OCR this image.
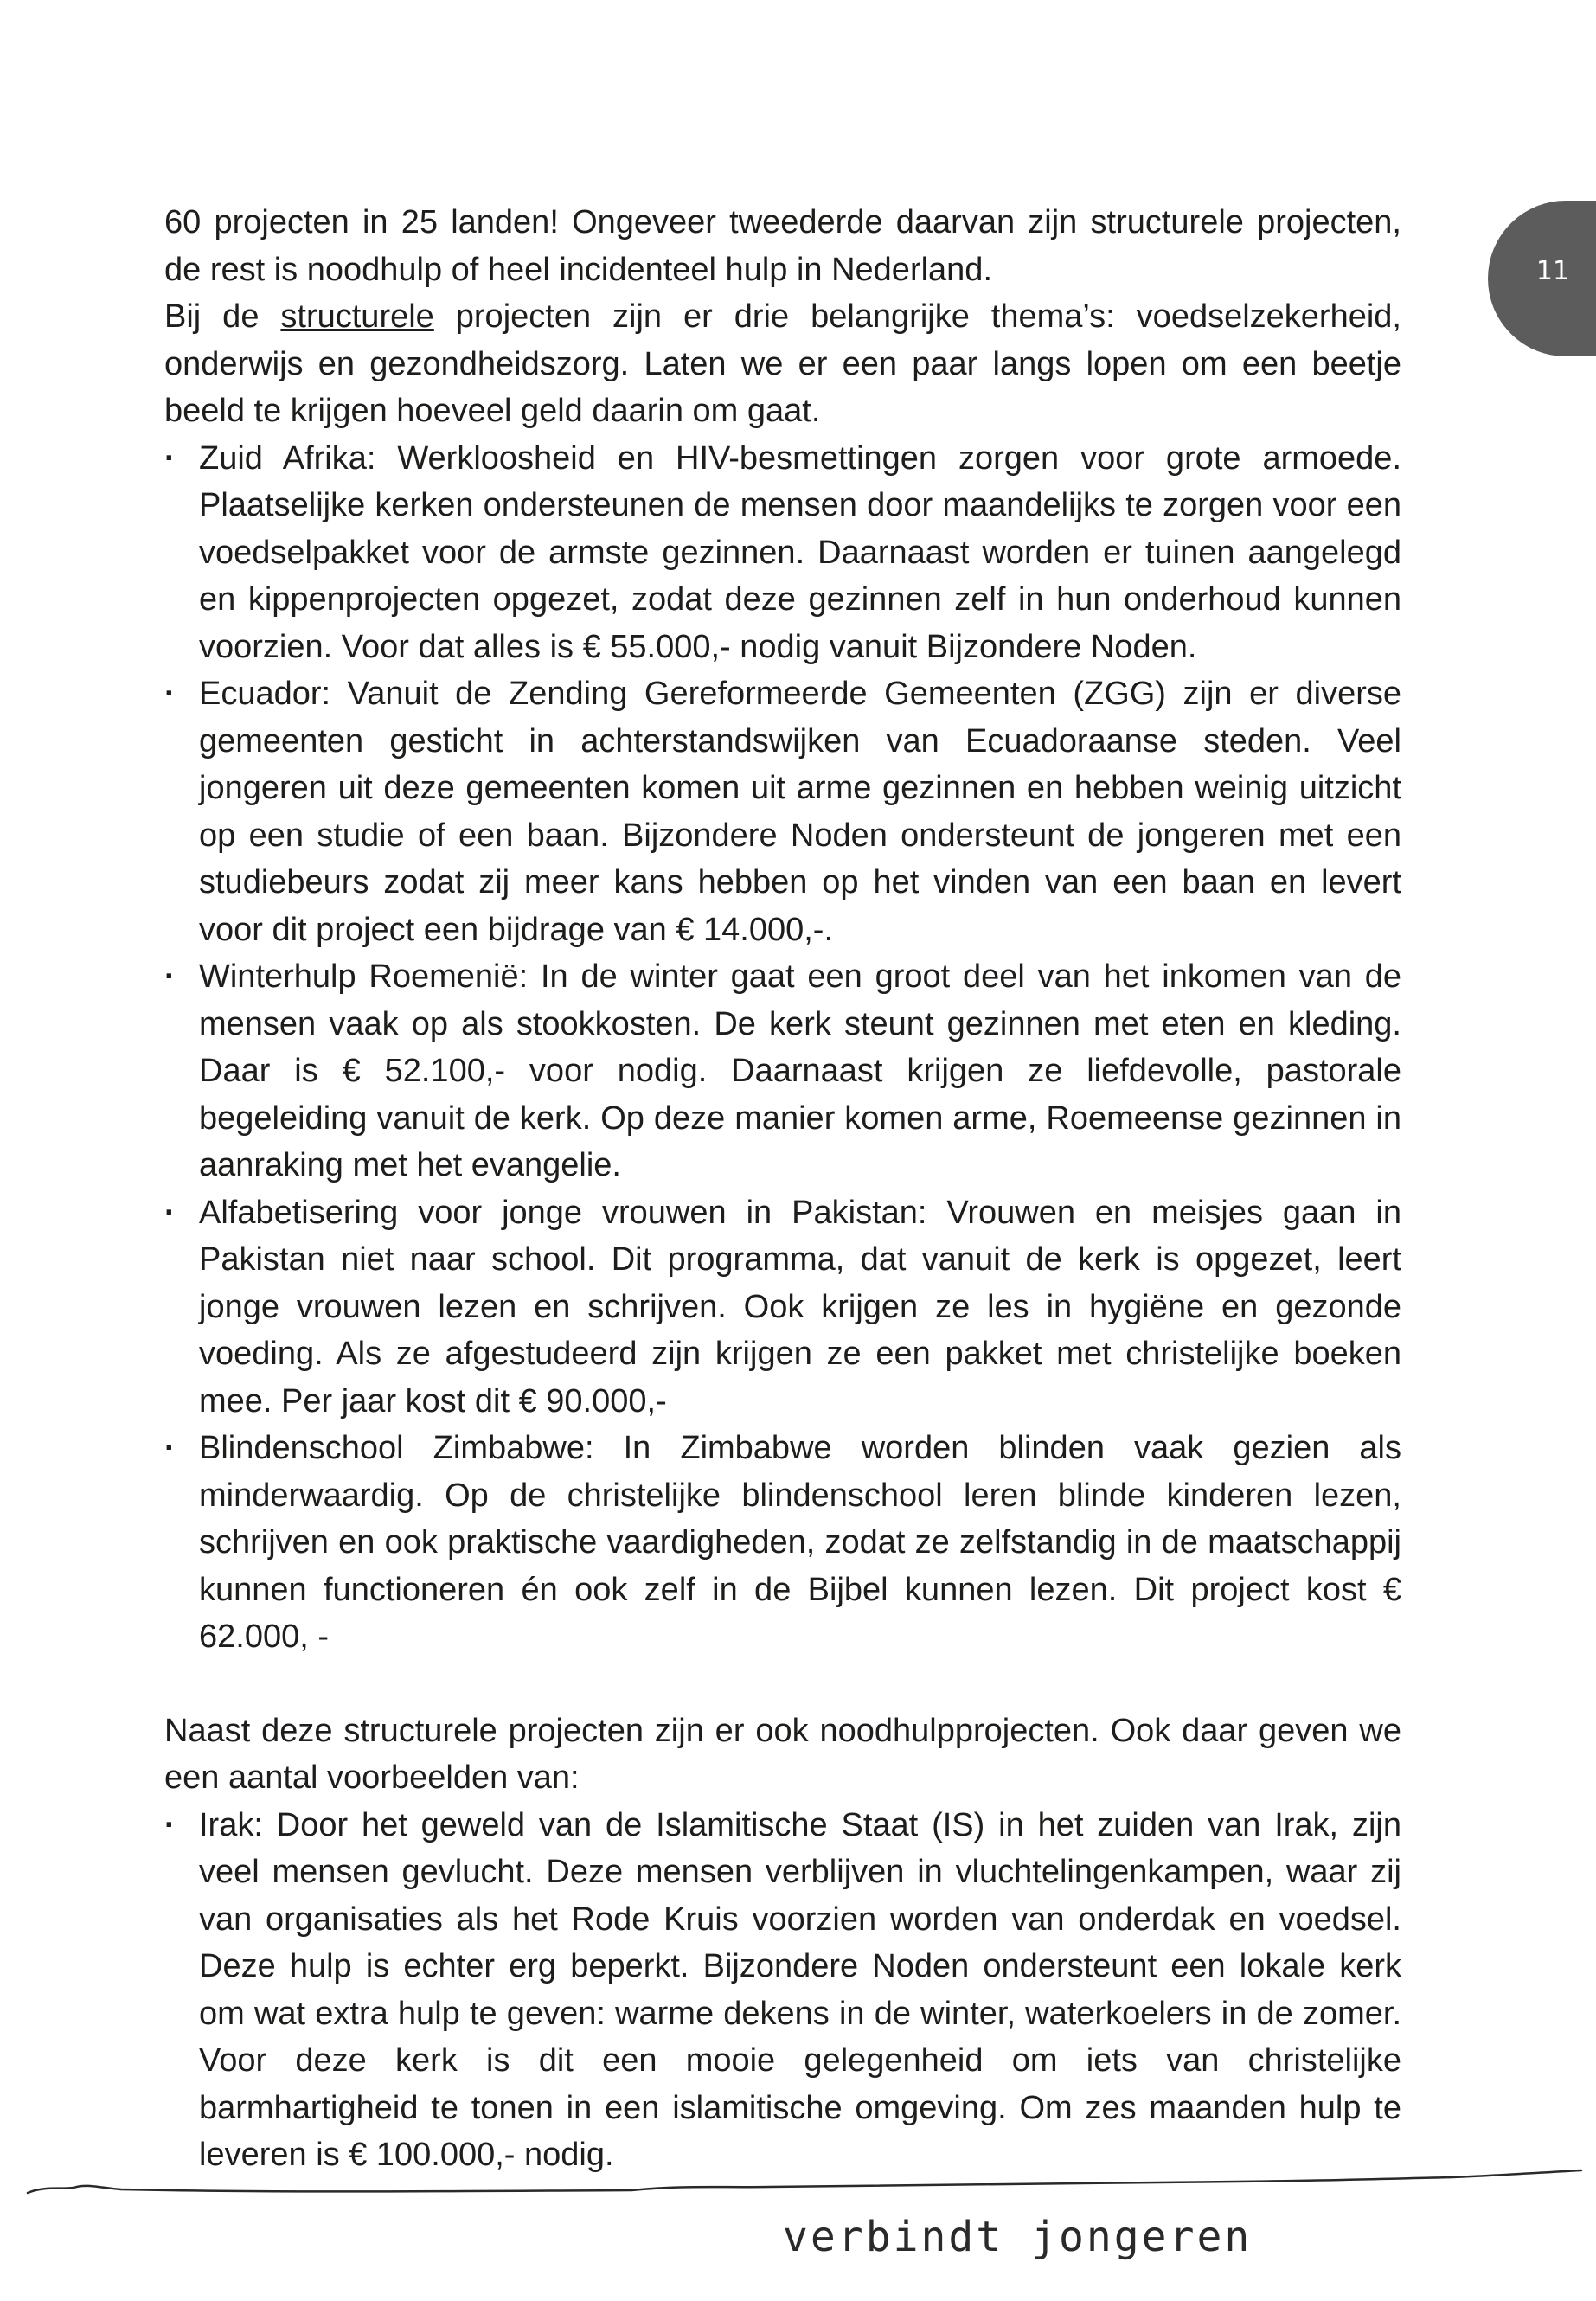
11

60 projecten in 25 landen! Ongeveer tweederde daarvan zijn structurele projecten, de rest is noodhulp of heel incidenteel hulp in Nederland.
Bij de structurele projecten zijn er drie belangrijke thema’s: voedselzekerheid, onderwijs en gezondheidszorg. Laten we er een paar langs lopen om een beetje beeld te krijgen hoeveel geld daarin om gaat.

· Zuid Afrika: Werkloosheid en HIV-besmettingen zorgen voor grote armoede. Plaatselijke kerken ondersteunen de mensen door maandelijks te zorgen voor een voedselpakket voor de armste gezinnen. Daarnaast worden er tuinen aangelegd en kippenprojecten opgezet, zodat deze gezinnen zelf in hun onderhoud kunnen voorzien. Voor dat alles is € 55.000,- nodig vanuit Bijzondere Noden.
· Ecuador: Vanuit de Zending Gereformeerde Gemeenten (ZGG) zijn er diverse gemeenten gesticht in achterstandswijken van Ecuadoraanse steden. Veel jongeren uit deze gemeenten komen uit arme gezinnen en hebben weinig uitzicht op een studie of een baan. Bijzondere Noden ondersteunt de jongeren met een studiebeurs zodat zij meer kans hebben op het vinden van een baan en levert voor dit project een bijdrage van € 14.000,-.
· Winterhulp Roemenië: In de winter gaat een groot deel van het inkomen van de mensen vaak op als stookkosten. De kerk steunt gezinnen met eten en kleding. Daar is € 52.100,- voor nodig. Daarnaast krijgen ze liefdevolle, pastorale begeleiding vanuit de kerk. Op deze manier komen arme, Roemeense gezinnen in aanraking met het evangelie.
· Alfabetisering voor jonge vrouwen in Pakistan: Vrouwen en meisjes gaan in Pakistan niet naar school. Dit programma, dat vanuit de kerk is opgezet, leert jonge vrouwen lezen en schrijven. Ook krijgen ze les in hygiëne en gezonde voeding. Als ze afgestudeerd zijn krijgen ze een pakket met christelijke boeken mee. Per jaar kost dit € 90.000,-
· Blindenschool Zimbabwe: In Zimbabwe worden blinden vaak gezien als minderwaardig. Op de christelijke blindenschool leren blinde kinderen lezen, schrijven en ook praktische vaardigheden, zodat ze zelfstandig in de maatschappij kunnen functioneren én ook zelf in de Bijbel kunnen lezen. Dit project kost € 62.000, -

Naast deze structurele projecten zijn er ook noodhulpprojecten. Ook daar geven we een aantal voorbeelden van:

· Irak: Door het geweld van de Islamitische Staat (IS) in het zuiden van Irak, zijn veel mensen gevlucht. Deze mensen verblijven in vluchtelingenkampen, waar zij van organisaties als het Rode Kruis voorzien worden van onderdak en voedsel. Deze hulp is echter erg beperkt. Bijzondere Noden ondersteunt een lokale kerk om wat extra hulp te geven: warme dekens in de winter, waterkoelers in de zomer. Voor deze kerk is dit een mooie gelegenheid om iets van christelijke barmhartigheid te tonen in een islamitische omgeving. Om zes maanden hulp te leveren is € 100.000,- nodig.
verbindt jongeren
